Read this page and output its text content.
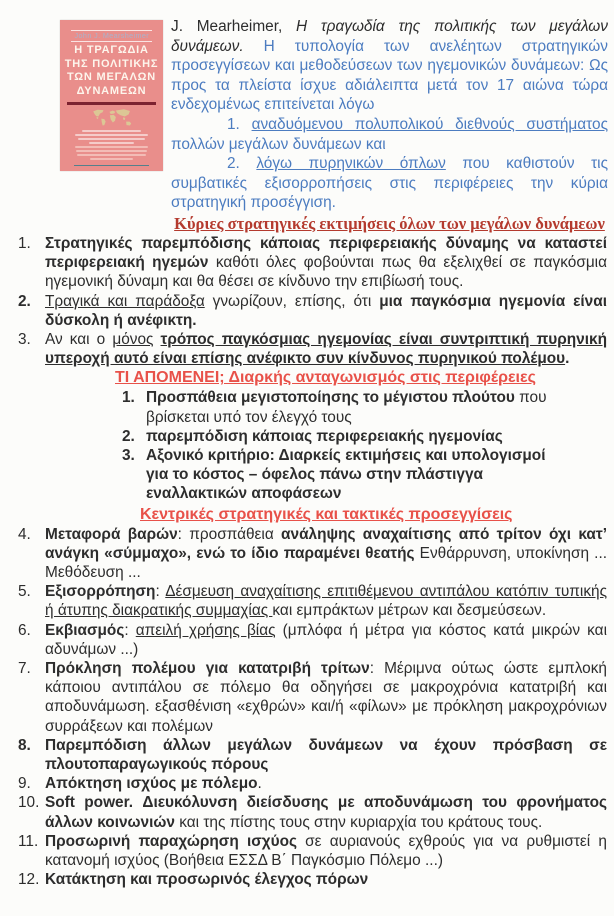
John J. Mearsheimer
Η ΤΡΑΓΩΔΙΑ
ΤΗΣ ΠΟΛΙΤΙΚΗΣ
ΤΩΝ ΜΕΓΑΛΩΝ
ΔΥΝΑΜΕΩΝ

J. Mearheimer, Η τραγωδία της πολιτικής των μεγάλων δυνάμεων. Η τυπολογία των ανελέητων στρατηγικών προσεγγίσεων και μεθοδεύσεων των ηγεμονικών δυνάμεων: Ως προς τα πλείστα ίσχυε αδιάλειπτα μετά τον 17 αιώνα τώρα ενδεχομένως επιτείνεται λόγω

1. αναδυόμενου πολυπολικού διεθνούς συστήματος πολλών μεγάλων δυνάμεων και

2. λόγω πυρηνικών όπλων που καθιστούν τις συμβατικές εξισορροπήσεις στις περιφέρειες την κύρια στρατηγική προσέγγιση.

Κύριες στρατηγικές εκτιμήσεις όλων των μεγάλων δυνάμεων
1. Στρατηγικές παρεμπόδισης κάποιας περιφερειακής δύναμης να καταστεί περιφερειακή ηγεμών καθότι όλες φοβούνται πως θα εξελιχθεί σε παγκόσμια ηγεμονική δύναμη και θα θέσει σε κίνδυνο την επιβίωσή τους.
2. Τραγικά και παράδοξα γνωρίζουν, επίσης, ότι μια παγκόσμια ηγεμονία είναι δύσκολη ή ανέφικτη.
3. Αν και ο μόνος τρόπος παγκόσμιας ηγεμονίας είναι συντριπτική πυρηνική υπεροχή αυτό είναι επίσης ανέφικτο συν κίνδυνος πυρηνικού πολέμου.
ΤΙ ΑΠΟΜΕΝΕΙ; Διαρκής ανταγωνισμός στις περιφέρειες
1. Προσπάθεια μεγιστοποίησης το μέγιστου πλούτου που βρίσκεται υπό τον έλεγχό τους
2. παρεμπόδιση κάποιας περιφερειακής ηγεμονίας
3. Αξονικό κριτήριο: Διαρκείς εκτιμήσεις και υπολογισμοί για το κόστος – όφελος πάνω στην πλάστιγγα εναλλακτικών αποφάσεων
Κεντρικές στρατηγικές και τακτικές προσεγγίσεις
4. Μεταφορά βαρών: προσπάθεια ανάληψης αναχαίτισης από τρίτον όχι κατ’ ανάγκη «σύμμαχο», ενώ το ίδιο παραμένει θεατής Ενθάρρυνση, υποκίνηση ... Μεθόδευση ...
5. Εξισορρόπηση: Δέσμευση αναχαίτισης επιτιθέμενου αντιπάλου κατόπιν τυπικής ή άτυπης διακρατικής συμμαχίας και εμπράκτων μέτρων και δεσμεύσεων.
6. Εκβιασμός: απειλή χρήσης βίας (μπλόφα ή μέτρα για κόστος κατά μικρών και αδυνάμων ...)
7. Πρόκληση πολέμου για κατατριβή τρίτων: Μέριμνα ούτως ώστε εμπλοκή κάποιου αντιπάλου σε πόλεμο θα οδηγήσει σε μακροχρόνια κατατριβή και αποδυνάμωση. εξασθένιση «εχθρών» και/ή «φίλων» με πρόκληση μακροχρόνιων συρράξεων και πολέμων
8. Παρεμπόδιση άλλων μεγάλων δυνάμεων να έχουν πρόσβαση σε πλουτοπαραγωγικούς πόρους
9. Απόκτηση ισχύος με πόλεμο.
10. Soft power. Διευκόλυνση διείσδυσης με αποδυνάμωση του φρονήματος άλλων κοινωνιών και της πίστης τους στην κυριαρχία του κράτους τους.
11. Προσωρινή παραχώρηση ισχύος σε αυριανούς εχθρούς για να ρυθμιστεί η κατανομή ισχύος (Βοήθεια ΕΣΣΔ Β΄ Παγκόσμιο Πόλεμο ...)
12. Κατάκτηση και προσωρινός έλεγχος πόρων
